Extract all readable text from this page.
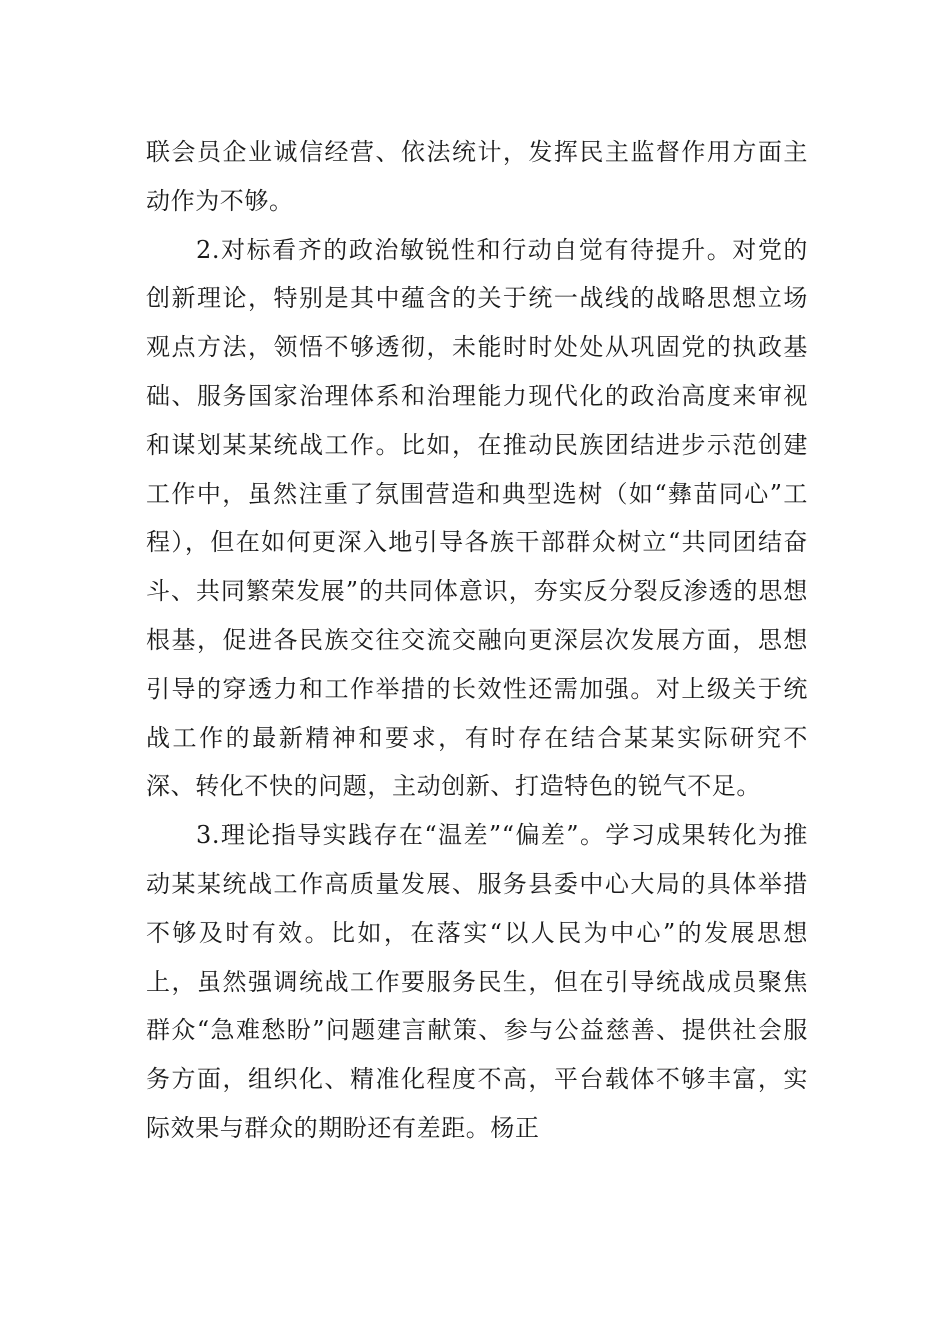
联会员企业诚信经营、依法统计，发挥民主监督作用方面主动作为不够。

2.对标看齐的政治敏锐性和行动自觉有待提升。对党的创新理论，特别是其中蕴含的关于统一战线的战略思想立场观点方法，领悟不够透彻，未能时时处处从巩固党的执政基础、服务国家治理体系和治理能力现代化的政治高度来审视和谋划某某统战工作。比如，在推动民族团结进步示范创建工作中，虽然注重了氛围营造和典型选树（如“彝苗同心”工程），但在如何更深入地引导各族干部群众树立“共同团结奋斗、共同繁荣发展”的共同体意识，夯实反分裂反渗透的思想根基，促进各民族交往交流交融向更深层次发展方面，思想引导的穿透力和工作举措的长效性还需加强。对上级关于统战工作的最新精神和要求，有时存在结合某某实际研究不深、转化不快的问题，主动创新、打造特色的锐气不足。

3.理论指导实践存在“温差”“偏差”。学习成果转化为推动某某统战工作高质量发展、服务县委中心大局的具体举措不够及时有效。比如，在落实“以人民为中心”的发展思想上，虽然强调统战工作要服务民生，但在引导统战成员聚焦群众“急难愁盼”问题建言献策、参与公益慈善、提供社会服务方面，组织化、精准化程度不高，平台载体不够丰富，实际效果与群众的期盼还有差距。杨正
